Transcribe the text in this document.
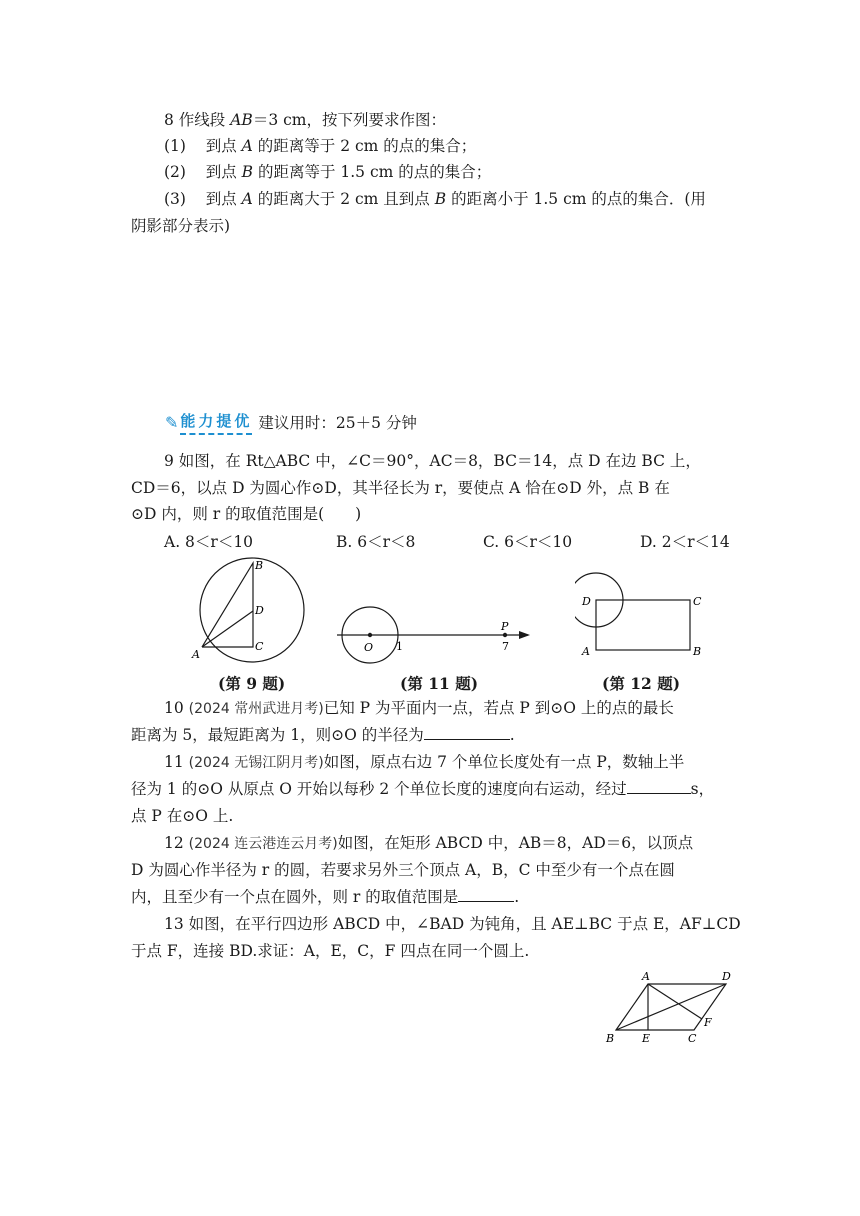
8 作线段 AB＝3 cm，按下列要求作图：
(1) 到点 A 的距离等于 2 cm 的点的集合；
(2) 到点 B 的距离等于 1.5 cm 的点的集合；
(3) 到点 A 的距离大于 2 cm 且到点 B 的距离小于 1.5 cm 的点的集合．(用
阴影部分表示)
✎ 能力提优 建议用时：25＋5 分钟
9 如图，在 Rt△ABC 中，∠C＝90°，AC＝8，BC＝14，点 D 在边 BC 上，
CD＝6，以点 D 为圆心作⊙D，其半径长为 r，要使点 A 恰在⊙D 外，点 B 在
⊙D 内，则 r 的取值范围是(　　)
A. 8＜r＜10	B. 6＜r＜8	C. 6＜r＜10	D. 2＜r＜14
B
D
A
C
(第 9 题)
O 1
P
7
(第 11 题)
D	C
A	B
(第 12 题)
10 (2024 常州武进月考)已知 P 为平面内一点，若点 P 到⊙O 上的点的最长
距离为 5，最短距离为 1，则⊙O 的半径为	.
11 (2024 无锡江阴月考)如图，原点右边 7 个单位长度处有一点 P，数轴上半
径为 1 的⊙O 从原点 O 开始以每秒 2 个单位长度的速度向右运动，经过	s，
点 P 在⊙O 上.
12 (2024 连云港连云月考)如图，在矩形 ABCD 中，AB＝8，AD＝6，以顶点
D 为圆心作半径为 r 的圆，若要求另外三个顶点 A，B，C 中至少有一个点在圆
内，且至少有一个点在圆外，则 r 的取值范围是	.
13 如图，在平行四边形 ABCD 中，∠BAD 为钝角，且 AE⊥BC 于点 E，AF⊥CD
于点 F，连接 BD.求证：A，E，C，F 四点在同一个圆上.
A	D
F
B	E	C
